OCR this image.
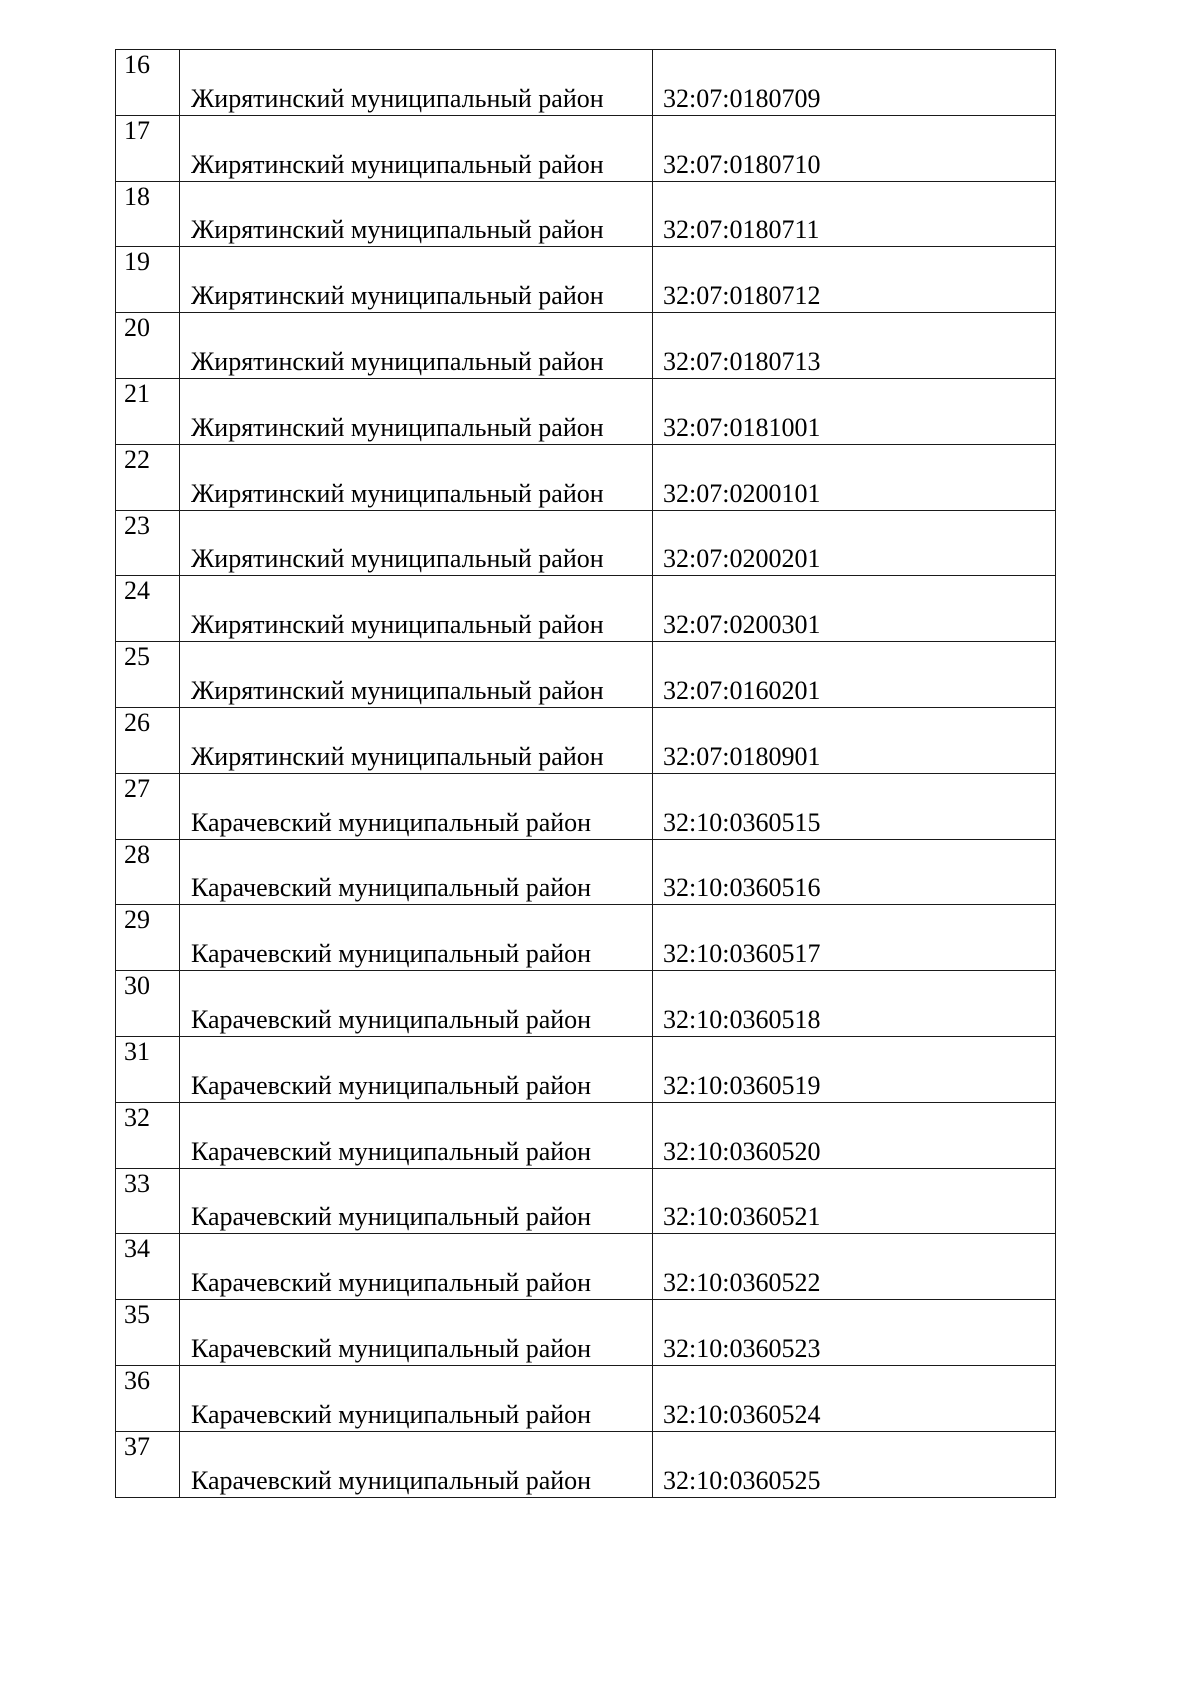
16	Жирятинский муниципальный район	32:07:0180709
17	Жирятинский муниципальный район	32:07:0180710
18	Жирятинский муниципальный район	32:07:0180711
19	Жирятинский муниципальный район	32:07:0180712
20	Жирятинский муниципальный район	32:07:0180713
21	Жирятинский муниципальный район	32:07:0181001
22	Жирятинский муниципальный район	32:07:0200101
23	Жирятинский муниципальный район	32:07:0200201
24	Жирятинский муниципальный район	32:07:0200301
25	Жирятинский муниципальный район	32:07:0160201
26	Жирятинский муниципальный район	32:07:0180901
27	Карачевский муниципальный район	32:10:0360515
28	Карачевский муниципальный район	32:10:0360516
29	Карачевский муниципальный район	32:10:0360517
30	Карачевский муниципальный район	32:10:0360518
31	Карачевский муниципальный район	32:10:0360519
32	Карачевский муниципальный район	32:10:0360520
33	Карачевский муниципальный район	32:10:0360521
34	Карачевский муниципальный район	32:10:0360522
35	Карачевский муниципальный район	32:10:0360523
36	Карачевский муниципальный район	32:10:0360524
37	Карачевский муниципальный район	32:10:0360525
